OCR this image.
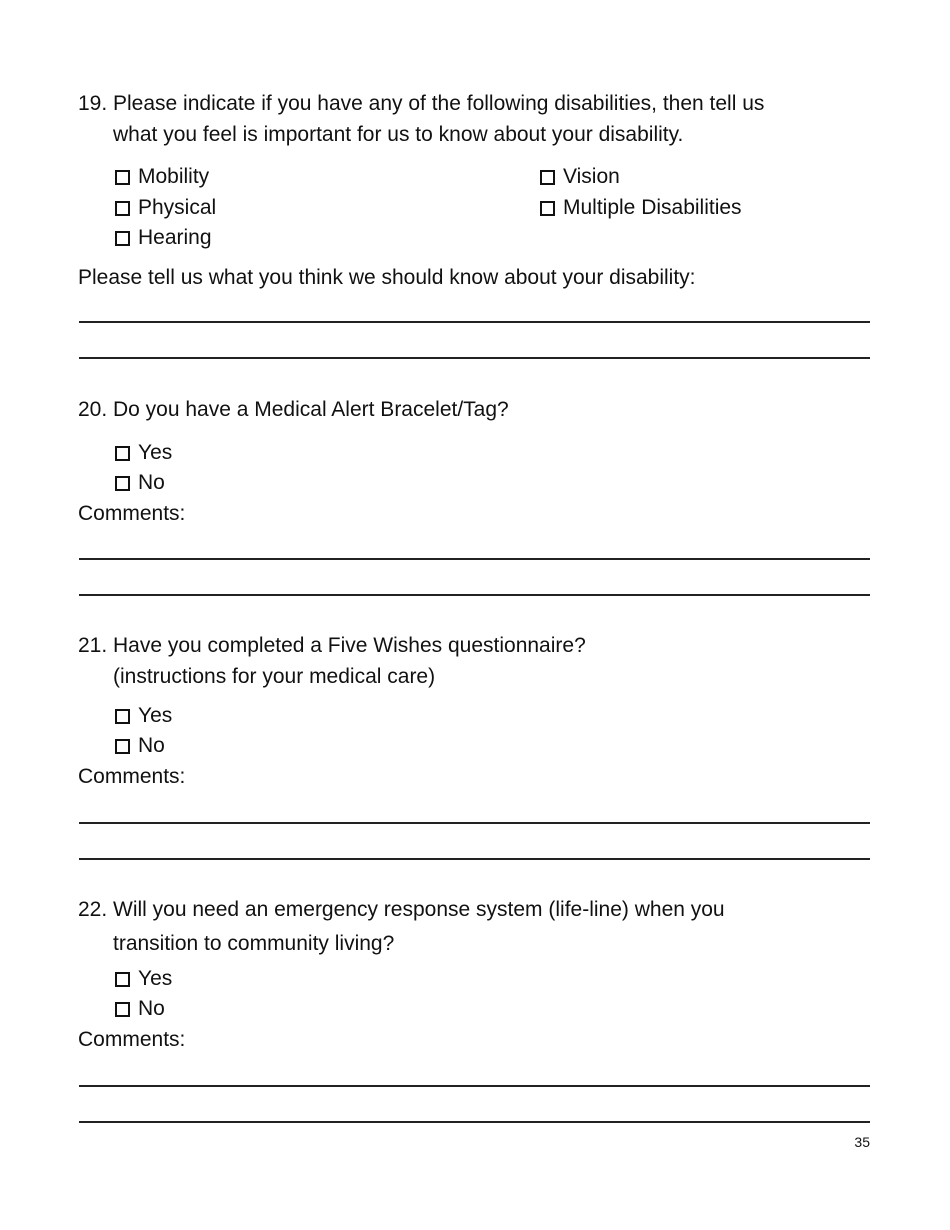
19. Please indicate if you have any of the following disabilities, then tell us
what you feel is important for us to know about your disability.
Mobility
Physical
Hearing
Vision
Multiple Disabilities
Please tell us what you think we should know about your disability:
20. Do you have a Medical Alert Bracelet/Tag?
Yes
No
Comments:
21. Have you completed a Five Wishes questionnaire?
(instructions for your medical care)
Yes
No
Comments:
22. Will you need an emergency response system (life-line) when you
transition to community living?
Yes
No
Comments:
35
